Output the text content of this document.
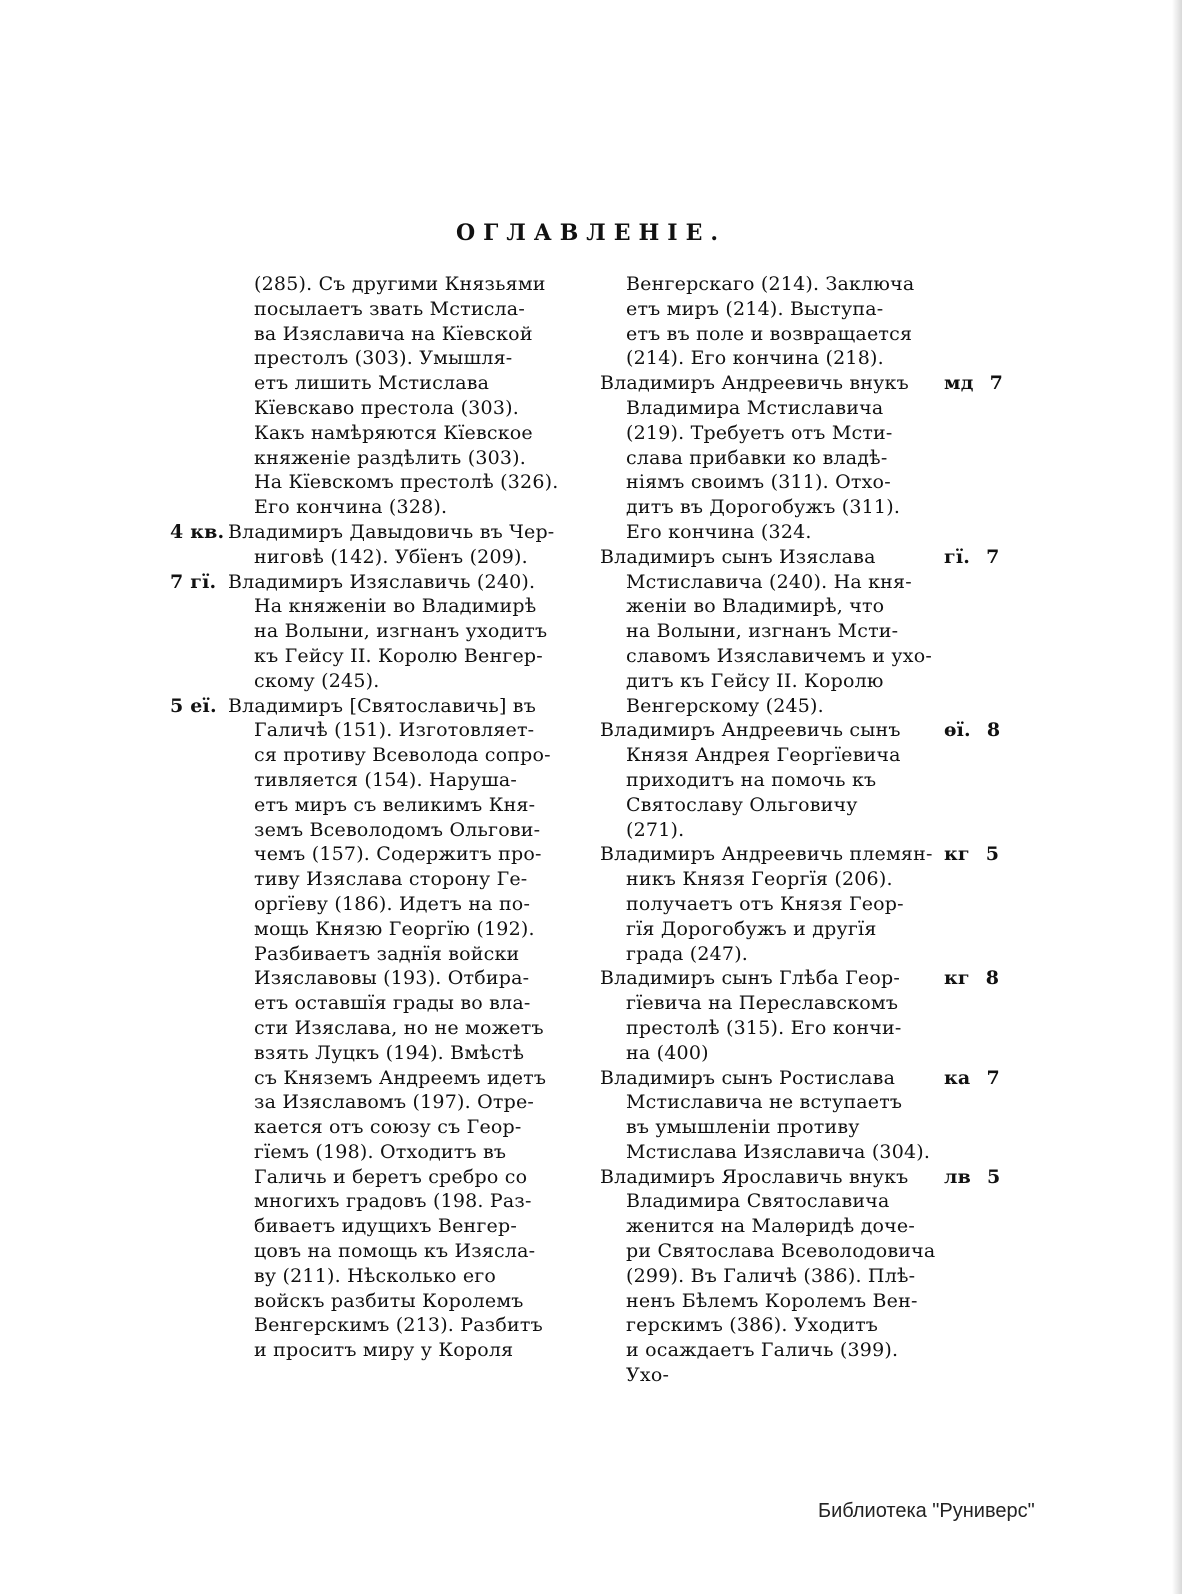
ОГЛАВЛЕНIЕ.
(285). Съ другими Князьями
посылаетъ звать Мстисла-
ва Изяславича на Кïевской
престолъ (303). Умышля-
етъ лишить Мстислава
Кïевскаво престола (303).
Какъ намѣряются Кïевское
княженiе раздѣлить (303).
На Кïевскомъ престолѣ (326).
Его кончина (328).
4 кв. Владимиръ Давыдовичь въ Чер-
ниговѣ (142). Убïенъ (209).
7 гï. Владимиръ Изяславичь (240).
На княженiи во Владимирѣ
на Волыни, изгнанъ уходитъ
къ Гейсу II. Королю Венгер-
скому (245).
5 еï. Владимиръ [Святославичь] въ
Галичѣ (151). Изготовляет-
ся противу Всеволода сопро-
тивляется (154). Наруша-
етъ миръ съ великимъ Кня-
земъ Всеволодомъ Ольгови-
чемъ (157). Содержитъ про-
тиву Изяслава сторону Ге-
оргïеву (186). Идетъ на по-
мощь Князю Георгïю (192).
Разбиваетъ заднïя войски
Изяславовы (193). Отбира-
етъ оставшïя грады во вла-
сти Изяслава, но не можетъ
взять Луцкъ (194). Вмѣстѣ
съ Княземъ Андреемъ идетъ
за Изяславомъ (197). Отре-
кается отъ союзу съ Геор-
гïемъ (198). Отходитъ въ
Галичь и беретъ сребро со
многихъ градовъ (198. Раз-
биваетъ идущихъ Венгер-
цовъ на помощь къ Изясла-
ву (211). Нѣсколько его
войскъ разбиты Королемъ
Венгерскимъ (213). Разбитъ
и проситъ миру у Короля
Венгерскаго (214). Заключа
етъ миръ (214). Выступа-
етъ въ поле и возвращается
(214). Его кончина (218).
мд 7
Владимиръ Андреевичь внукъ
Владимира Мстиславича
(219). Требуетъ отъ Мсти-
слава прибавки ко владѣ-
нiямъ своимъ (311). Отхо-
дитъ въ Дорогобужъ (311).
Его кончина (324.
гï. 7
Владимиръ сынъ Изяслава
Мстиславича (240). На кня-
женiи во Владимирѣ, что
на Волыни, изгнанъ Мсти-
славомъ Изяславичемъ и ухо-
дитъ къ Гейсу II. Королю
Венгерскому (245).
ѳï. 8
Владимиръ Андреевичь сынъ
Князя Андрея Георгïевича
приходитъ на помочь къ
Святославу Ольговичу
(271).
кг 5
Владимиръ Андреевичь племян-
никъ Князя Георгïя (206).
получаетъ отъ Князя Геор-
гïя Дорогобужъ и другïя
града (247).
кг 8
Владимиръ сынъ Глѣба Геор-
гïевича на Переславскомъ
престолѣ (315). Его кончи-
на (400)
ка 7
Владимиръ сынъ Ростислава
Мстиславича не вступаетъ
въ умышленiи противу
Мстислава Изяславича (304).
лв 5
Владимиръ Ярославичь внукъ
Владимира Святославича
женится на Малѳридѣ доче-
ри Святослава Всеволодовича
(299). Въ Галичѣ (386). Плѣ-
ненъ Бѣлемъ Королемъ Вен-
герскимъ (386). Уходитъ
и осаждаетъ Галичь (399).
Ухо-
Библиотека "Руниверс"
